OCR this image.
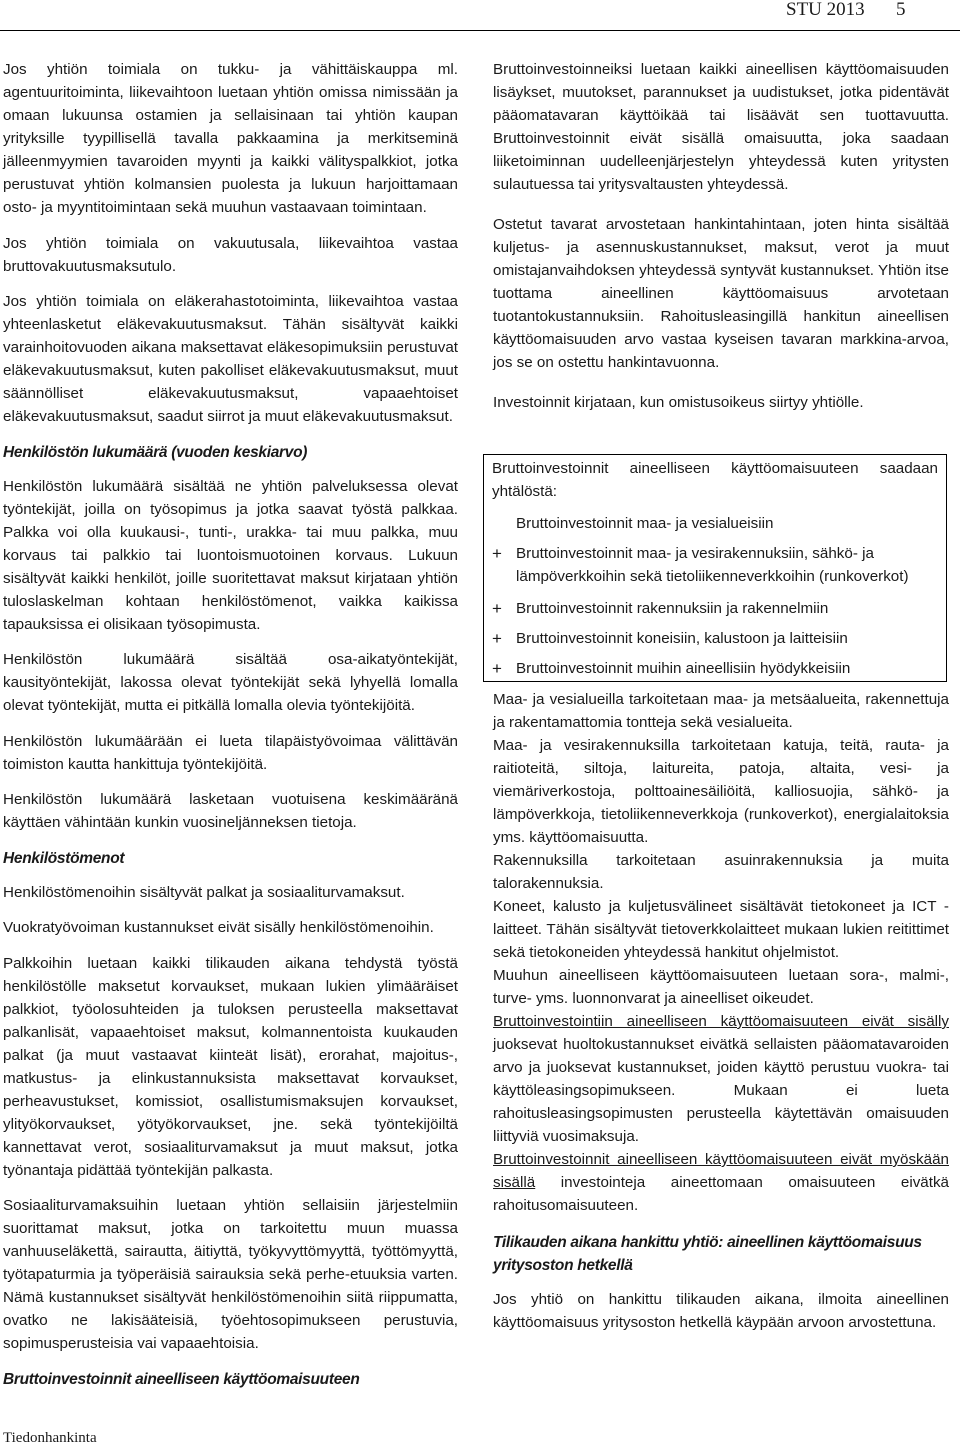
STU 2013 5

Jos yhtiön toimiala on tukku- ja vähittäiskauppa ml. agentuuritoiminta, liikevaihtoon luetaan yhtiön omissa nimissään ja omaan lukuunsa ostamien ja sellaisinaan tai yhtiön kaupan yrityksille tyypillisellä tavalla pakkaamina ja merkitseminä jälleenmyymien tavaroiden myynti ja kaikki välityspalkkiot, jotka perustuvat yhtiön kolmansien puolesta ja lukuun harjoittamaan osto- ja myyntitoimintaan sekä muuhun vastaavaan toimintaan.

Jos yhtiön toimiala on vakuutusala, liikevaihtoa vastaa bruttovakuutusmaksutulo.

Jos yhtiön toimiala on eläkerahastotoiminta, liikevaihtoa vastaa yhteenlasketut eläkevakuutusmaksut. Tähän sisältyvät kaikki varainhoitovuoden aikana maksettavat eläkesopimuksiin perustuvat eläkevakuutusmaksut, kuten pakolliset eläkevakuutusmaksut, muut säännölliset eläkevakuutusmaksut, vapaaehtoiset eläkevakuutusmaksut, saadut siirrot ja muut eläkevakuutusmaksut.

Henkilöstön lukumäärä (vuoden keskiarvo)

Henkilöstön lukumäärä sisältää ne yhtiön palveluksessa olevat työntekijät, joilla on työsopimus ja jotka saavat työstä palkkaa. Palkka voi olla kuukausi-, tunti-, urakka- tai muu palkka, muu korvaus tai palkkio tai luontoismuotoinen korvaus. Lukuun sisältyvät kaikki henkilöt, joille suoritettavat maksut kirjataan yhtiön tuloslaskelman kohtaan henkilöstömenot, vaikka kaikissa tapauksissa ei olisikaan työsopimusta.

Henkilöstön lukumäärä sisältää osa-aikatyöntekijät, kausityöntekijät, lakossa olevat työntekijät sekä lyhyellä lomalla olevat työntekijät, mutta ei pitkällä lomalla olevia työntekijöitä.

Henkilöstön lukumäärään ei lueta tilapäistyövoimaa välittävän toimiston kautta hankittuja työntekijöitä.

Henkilöstön lukumäärä lasketaan vuotuisena keskimääränä käyttäen vähintään kunkin vuosineljänneksen tietoja.

Henkilöstömenot

Henkilöstömenoihin sisältyvät palkat ja sosiaaliturvamaksut.

Vuokratyövoiman kustannukset eivät sisälly henkilöstömenoihin.

Palkkoihin luetaan kaikki tilikauden aikana tehdystä työstä henkilöstölle maksetut korvaukset, mukaan lukien ylimääräiset palkkiot, työolosuhteiden ja tuloksen perusteella maksettavat palkanlisät, vapaaehtoiset maksut, kolmannentoista kuukauden palkat (ja muut vastaavat kiinteät lisät), erorahat, majoitus-, matkustus- ja elinkustannuksista maksettavat korvaukset, perheavustukset, komissiot, osallistumismaksujen korvaukset, ylityökorvaukset, yötyökorvaukset, jne. sekä työntekijöiltä kannettavat verot, sosiaaliturvamaksut ja muut maksut, jotka työnantaja pidättää työntekijän palkasta.

Sosiaaliturvamaksuihin luetaan yhtiön sellaisiin järjestelmiin suorittamat maksut, jotka on tarkoitettu muun muassa vanhuuseläkettä, sairautta, äitiyttä, työkyvyttömyyttä, työttömyyttä, työtapaturmia ja työperäisiä sairauksia sekä perhe-etuuksia varten. Nämä kustannukset sisältyvät henkilöstömenoihin siitä riippumatta, ovatko ne lakisääteisiä, työehtosopimukseen perustuvia, sopimusperusteisia vai vapaaehtoisia.

Bruttoinvestoinnit aineelliseen käyttöomaisuuteen

Bruttoinvestoinneiksi luetaan kaikki aineellisen käyttöomaisuuden lisäykset, muutokset, parannukset ja uudistukset, jotka pidentävät pääomatavaran käyttöikää tai lisäävät sen tuottavuutta. Bruttoinvestoinnit eivät sisällä omaisuutta, joka saadaan liiketoiminnan uudelleenjärjestelyn yhteydessä kuten yritysten sulautuessa tai yritysvaltausten yhteydessä.

Ostetut tavarat arvostetaan hankintahintaan, joten hinta sisältää kuljetus- ja asennuskustannukset, maksut, verot ja muut omistajanvaihdoksen yhteydessä syntyvät kustannukset. Yhtiön itse tuottama aineellinen käyttöomaisuus arvotetaan tuotantokustannuksiin. Rahoitusleasingillä hankitun aineellisen käyttöomaisuuden arvo vastaa kyseisen tavaran markkina-arvoa, jos se on ostettu hankintavuonna.

Investoinnit kirjataan, kun omistusoikeus siirtyy yhtiölle.

Bruttoinvestoinnit aineelliseen käyttöomaisuuteen saadaan yhtälöstä:
Bruttoinvestoinnit maa- ja vesialueisiin
+ Bruttoinvestoinnit maa- ja vesirakennuksiin, sähkö- ja lämpöverkkoihin sekä tietoliikenneverkkoihin (runkoverkot)
+ Bruttoinvestoinnit rakennuksiin ja rakennelmiin
+ Bruttoinvestoinnit koneisiin, kalustoon ja laitteisiin
+ Bruttoinvestoinnit muihin aineellisiin hyödykkeisiin

Maa- ja vesialueilla tarkoitetaan maa- ja metsäalueita, rakennettuja ja rakentamattomia tontteja sekä vesialueita.

Maa- ja vesirakennuksilla tarkoitetaan katuja, teitä, rauta- ja raitioteitä, siltoja, laitureita, patoja, altaita, vesi- ja viemäriverkostoja, polttoainesäiliöitä, kalliosuojia, sähkö- ja lämpöverkkoja, tietoliikenneverkkoja (runkoverkot), energialaitoksia yms. käyttöomaisuutta.

Rakennuksilla tarkoitetaan asuinrakennuksia ja muita talorakennuksia.

Koneet, kalusto ja kuljetusvälineet sisältävät tietokoneet ja ICT -laitteet. Tähän sisältyvät tietoverkkolaitteet mukaan lukien reitittimet sekä tietokoneiden yhteydessä hankitut ohjelmistot.

Muuhun aineelliseen käyttöomaisuuteen luetaan sora-, malmi-, turve- yms. luonnonvarat ja aineelliset oikeudet.

Bruttoinvestointiin aineelliseen käyttöomaisuuteen eivät sisälly juoksevat huoltokustannukset eivätkä sellaisten pääomatavaroiden arvo ja juoksevat kustannukset, joiden käyttö perustuu vuokra- tai käyttöleasingsopimukseen. Mukaan ei lueta rahoitusleasingsopimusten perusteella käytettävän omaisuuden liittyviä vuosimaksuja.

Bruttoinvestoinnit aineelliseen käyttöomaisuuteen eivät myöskään sisällä investointeja aineettomaan omaisuuteen eivätkä rahoitusomaisuuteen.

Tilikauden aikana hankittu yhtiö: aineellinen käyttöomaisuus yritysoston hetkellä

Jos yhtiö on hankittu tilikauden aikana, ilmoita aineellinen käyttöomaisuus yritysoston hetkellä käypään arvoon arvostettuna.

Tiedonhankinta
